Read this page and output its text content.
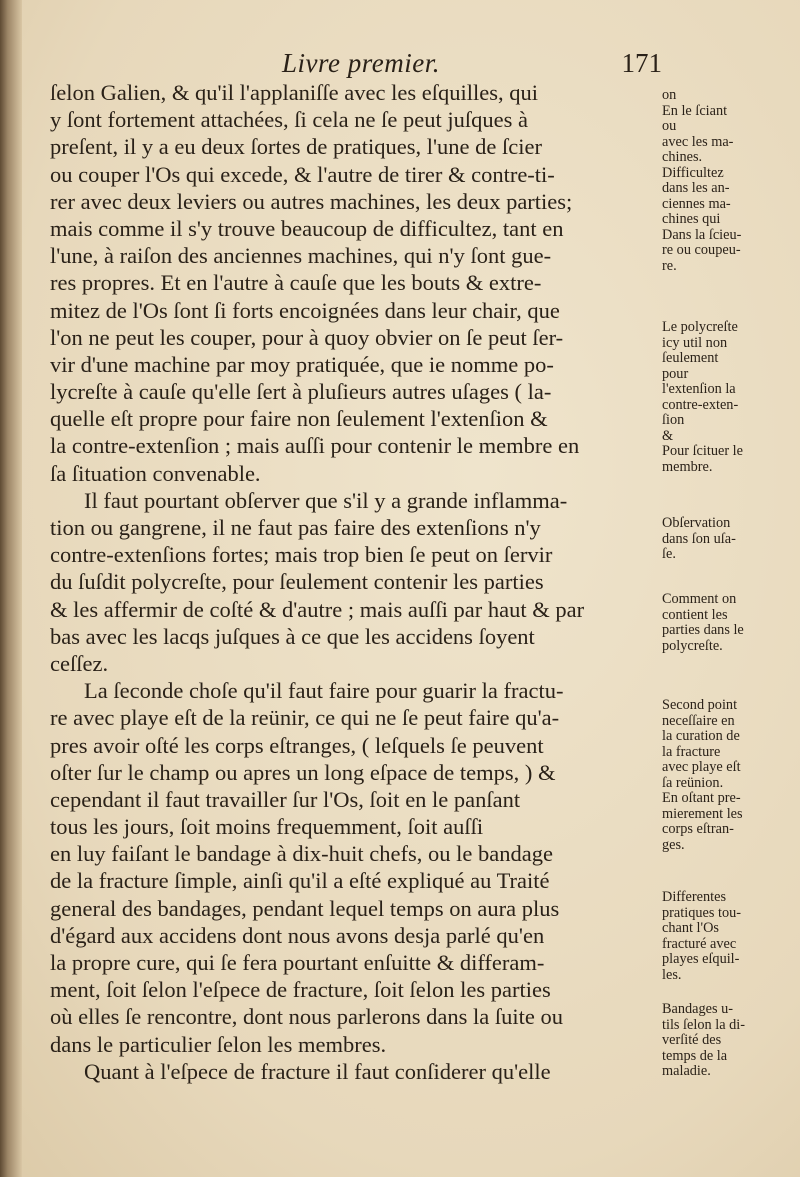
Livre premier.	171
ſelon Galien, & qu'il l'applaniſſe avec les eſquilles, qui
y ſont fortement attachées, ſi cela ne ſe peut juſques à
preſent, il y a eu deux ſortes de pratiques, l'une de ſcier
ou couper l'Os qui excede, & l'autre de tirer & contre-ti-
rer avec deux leviers ou autres machines, les deux parties;
mais comme il s'y trouve beaucoup de difficultez, tant en
l'une, à raiſon des anciennes machines, qui n'y ſont gue-
res propres. Et en l'autre à cauſe que les bouts & extre-
mitez de l'Os ſont ſi forts encoignées dans leur chair, que
l'on ne peut les couper, pour à quoy obvier on ſe peut ſer-
vir d'une machine par moy pratiquée, que ie nomme po-
lycreſte à cauſe qu'elle ſert à pluſieurs autres uſages ( la-
quelle eſt propre pour faire non ſeulement l'extenſion &
la contre-extenſion ; mais auſſi pour contenir le membre en
ſa ſituation convenable.
Il faut pourtant obſerver que s'il y a grande inflamma-
tion ou gangrene, il ne faut pas faire des extenſions n'y
contre-extenſions fortes; mais trop bien ſe peut on ſervir
du ſuſdit polycreſte, pour ſeulement contenir les parties
& les affermir de coſté & d'autre ; mais auſſi par haut & par
bas avec les lacqs juſques à ce que les accidens ſoyent
ceſſez.
La ſeconde choſe qu'il faut faire pour guarir la fractu-
re avec playe eſt de la reünir, ce qui ne ſe peut faire qu'a-
pres avoir oſté les corps eſtranges, ( leſquels ſe peuvent
oſter ſur le champ ou apres un long eſpace de temps, ) &
cependant il faut travailler ſur l'Os, ſoit en le panſant
tous les jours, ſoit moins frequemment, ſoit auſſi
en luy faiſant le bandage à dix-huit chefs, ou le bandage
de la fracture ſimple, ainſi qu'il a eſté expliqué au Traité
general des bandages, pendant lequel temps on aura plus
d'égard aux accidens dont nous avons desja parlé qu'en
la propre cure, qui ſe fera pourtant enſuitte & differam-
ment, ſoit ſelon l'eſpece de fracture, ſoit ſelon les parties
où elles ſe rencontre, dont nous parlerons dans la ſuite ou
dans le particulier ſelon les membres.
Quant à l'eſpece de fracture il faut conſiderer qu'elle
on
En le ſciant
ou
avec les ma-
chines.
Difficultez
dans les an-
ciennes ma-
chines qui
Dans la ſcieu-
re ou coupeu-
re.
Le polycreſte
icy util non
ſeulement
pour
l'extenſion la
contre-exten-
ſion
&
Pour ſcituer le
membre.
Obſervation
dans ſon uſa-
ſe.
Comment on
contient les
parties dans le
polycreſte.
Second point
neceſſaire en
la curation de
la fracture
avec playe eſt
ſa reünion.
En oſtant pre-
mierement les
corps eſtran-
ges.
Differentes
pratiques tou-
chant l'Os
fracturé avec
playes eſquil-
les.
Bandages u-
tils ſelon la di-
verſité des
temps de la
maladie.
